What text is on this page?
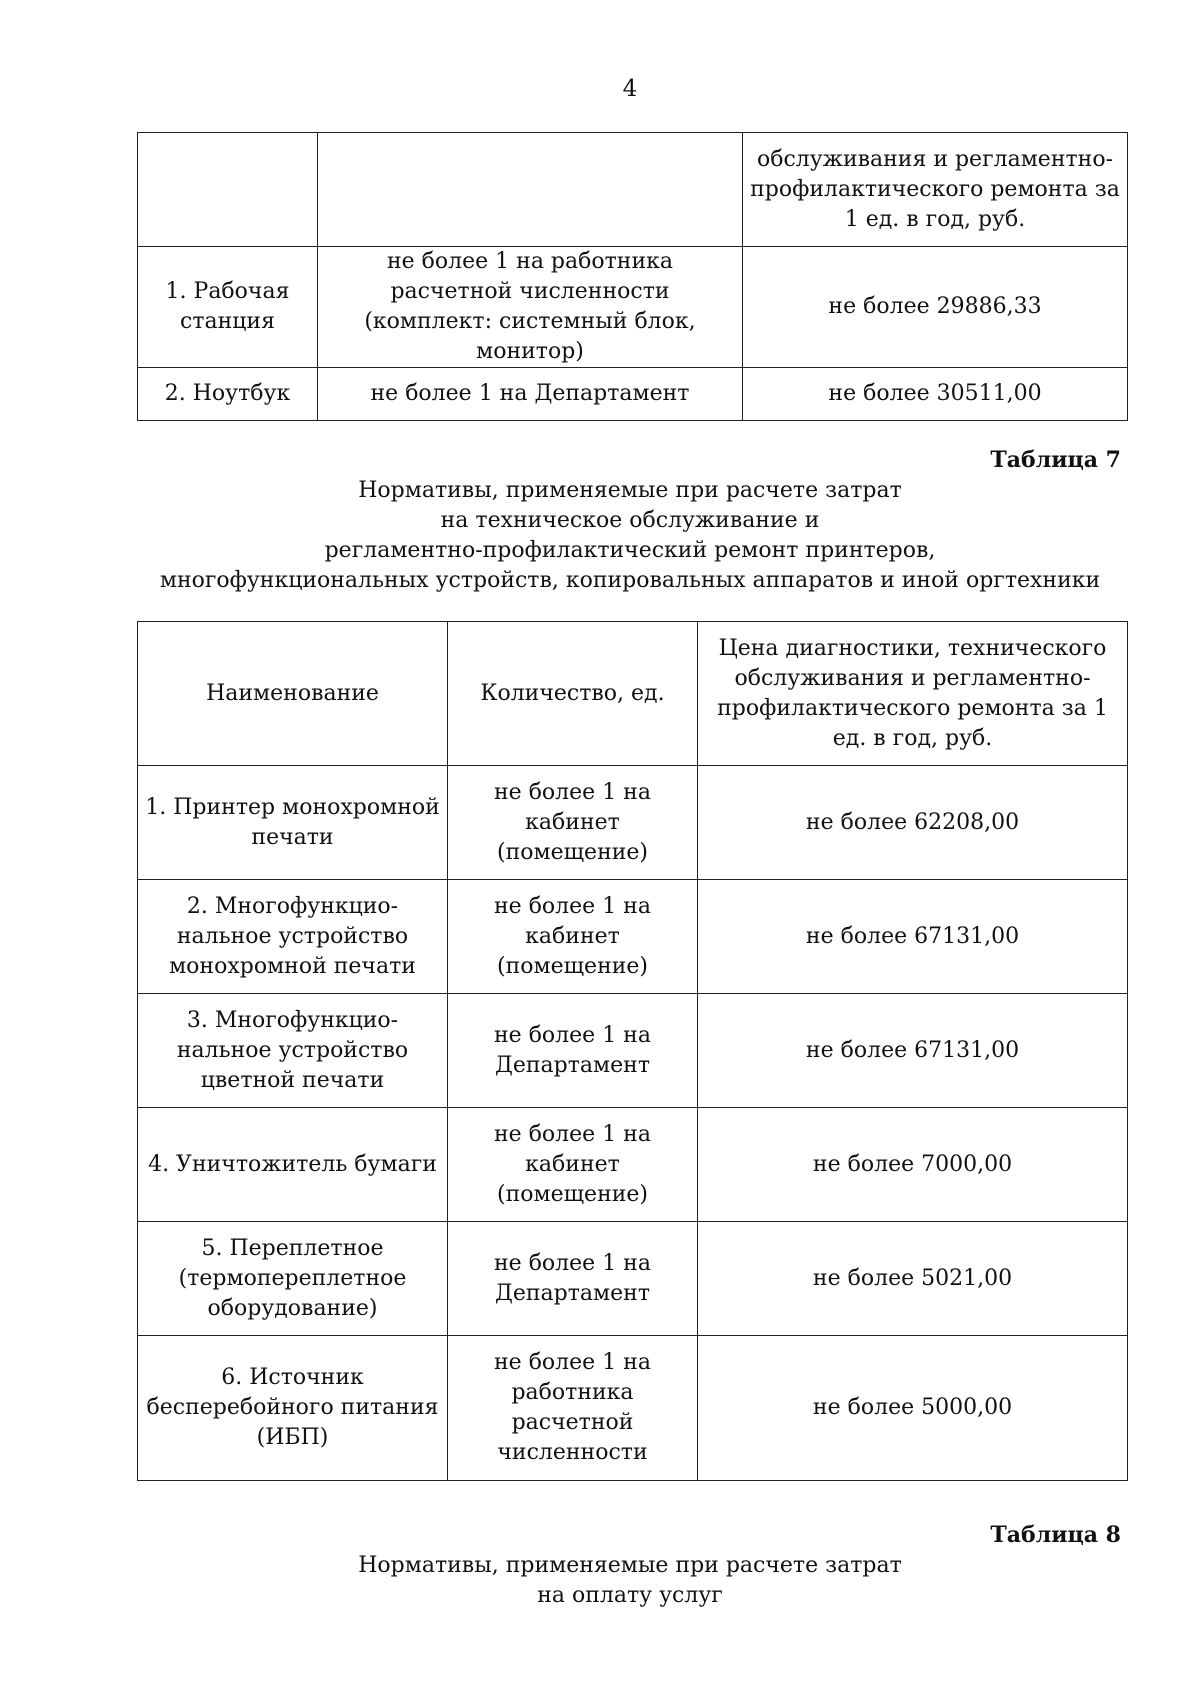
4
		обслуживания и регламентно-профилактического ремонта за 1 ед. в год, руб.
1. Рабочая станция	не более 1 на работника расчетной численности (комплект: системный блок, монитор)	не более 29886,33
2. Ноутбук	не более 1 на Департамент	не более 30511,00
Таблица 7
Нормативы, применяемые при расчете затрат
на техническое обслуживание и
регламентно-профилактический ремонт принтеров,
многофункциональных устройств, копировальных аппаратов и иной оргтехники
Наименование	Количество, ед.	Цена диагностики, технического обслуживания и регламентно-профилактического ремонта за 1 ед. в год, руб.
1. Принтер монохромной печати	не более 1 на кабинет (помещение)	не более 62208,00
2. Многофункцио-нальное устройство монохромной печати	не более 1 на кабинет (помещение)	не более 67131,00
3. Многофункцио-нальное устройство цветной печати	не более 1 на Департамент	не более 67131,00
4. Уничтожитель бумаги	не более 1 на кабинет (помещение)	не более 7000,00
5. Переплетное (термопереплетное оборудование)	не более 1 на Департамент	не более 5021,00
6. Источник бесперебойного питания (ИБП)	не более 1 на работника расчетной численности	не более 5000,00
Таблица 8
Нормативы, применяемые при расчете затрат
на оплату услуг
